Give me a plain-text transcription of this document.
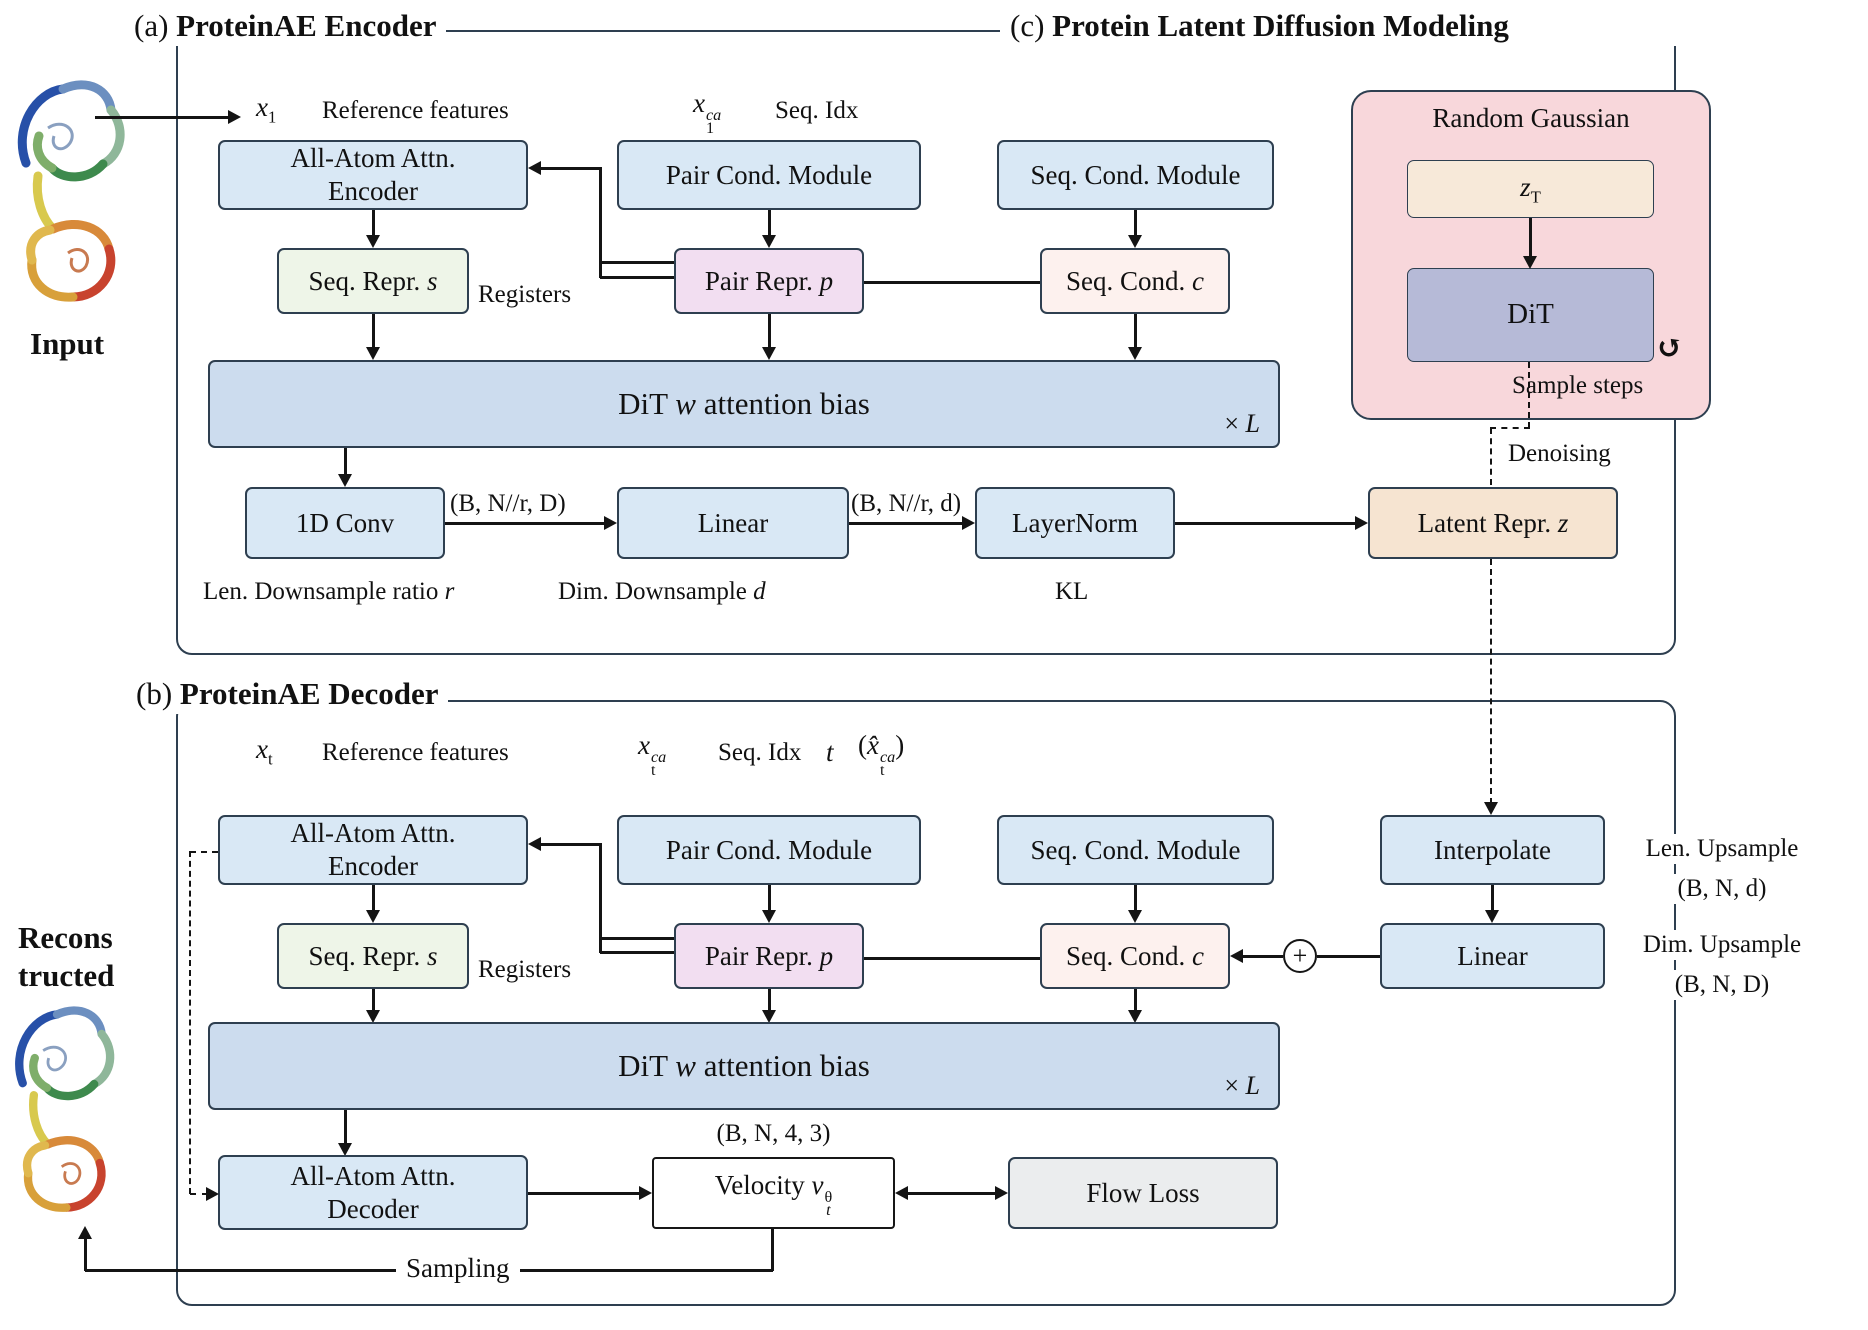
(a) ProteinAE Encoder	(c) Protein Latent Diffusion Modeling
(b) ProteinAE Decoder
Input
Recons
tructed
$x_1$ Reference features	x ca
1
Seq. Idx
All-Atom Attn.
Encoder
Pair Cond. Module	Seq. Cond. Module
Seq. Repr. s	Pair Repr. p	Seq. Cond. c
Registers
DiT w attention bias
× L
1D Conv	Linear	LayerNorm	Latent Repr. z
(B, N//r, D)	(B, N//r, d)
Len. Downsample ratio r	Dim. Downsample d	KL
Random Gaussian
$z_T$
DiT
↺
Sample steps
Denoising
$x_t$ Reference features	x ca
t
Seq. Idx t (x̂ ca
t
)
All-Atom Attn.
Encoder
Pair Cond. Module	Seq. Cond. Module	Interpolate
Seq. Repr. s	Pair Repr. p	Seq. Cond. c	Linear
Registers	+
DiT w attention bias
× L
Len. Upsample
(B, N, d)
Dim. Upsample
(B, N, D)
All-Atom Attn.
Decoder
(B, N, 4, 3)
Velocity v θ
t
Flow Loss
Sampling
